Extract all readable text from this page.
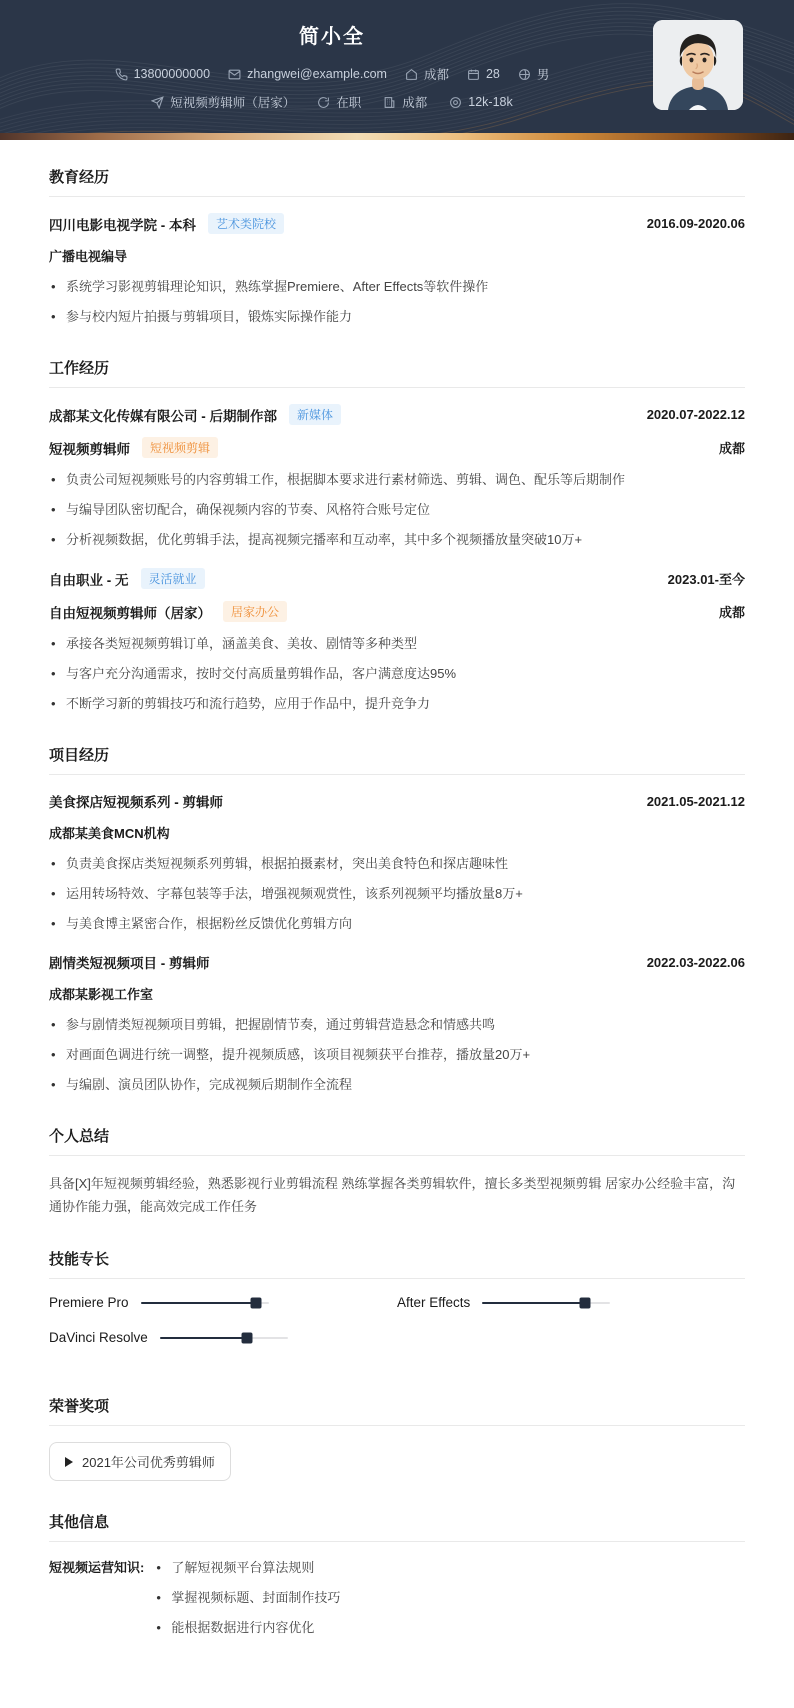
简小全
13800000000	zhangwei@example.com	成都	28	男
短视频剪辑师（居家）	在职	成都	12k-18k
教育经历
四川电影电视学院 - 本科	艺术类院校	2016.09-2020.06
广播电视编导
• 系统学习影视剪辑理论知识，熟练掌握Premiere、After Effects等软件操作
• 参与校内短片拍摄与剪辑项目，锻炼实际操作能力
工作经历
成都某文化传媒有限公司 - 后期制作部	新媒体	2020.07-2022.12
短视频剪辑师	短视频剪辑	成都
• 负责公司短视频账号的内容剪辑工作，根据脚本要求进行素材筛选、剪辑、调色、配乐等后期制作
• 与编导团队密切配合，确保视频内容的节奏、风格符合账号定位
• 分析视频数据，优化剪辑手法，提高视频完播率和互动率，其中多个视频播放量突破10万+
自由职业 - 无	灵活就业	2023.01-至今
自由短视频剪辑师（居家）	居家办公	成都
• 承接各类短视频剪辑订单，涵盖美食、美妆、剧情等多种类型
• 与客户充分沟通需求，按时交付高质量剪辑作品，客户满意度达95%
• 不断学习新的剪辑技巧和流行趋势，应用于作品中，提升竞争力
项目经历
美食探店短视频系列 - 剪辑师	2021.05-2021.12
成都某美食MCN机构
• 负责美食探店类短视频系列剪辑，根据拍摄素材，突出美食特色和探店趣味性
• 运用转场特效、字幕包装等手法，增强视频观赏性，该系列视频平均播放量8万+
• 与美食博主紧密合作，根据粉丝反馈优化剪辑方向
剧情类短视频项目 - 剪辑师	2022.03-2022.06
成都某影视工作室
• 参与剧情类短视频项目剪辑，把握剧情节奏，通过剪辑营造悬念和情感共鸣
• 对画面色调进行统一调整，提升视频质感，该项目视频获平台推荐，播放量20万+
• 与编剧、演员团队协作，完成视频后期制作全流程
个人总结
具备[X]年短视频剪辑经验，熟悉影视行业剪辑流程 熟练掌握各类剪辑软件，擅长多类型视频剪辑 居家办公经验丰富，沟通协作能力强，能高效完成工作任务
技能专长
Premiere Pro	After Effects
DaVinci Resolve
荣誉奖项
2021年公司优秀剪辑师
其他信息
短视频运营知识:	• 了解短视频平台算法规则
• 掌握视频标题、封面制作技巧
• 能根据数据进行内容优化
